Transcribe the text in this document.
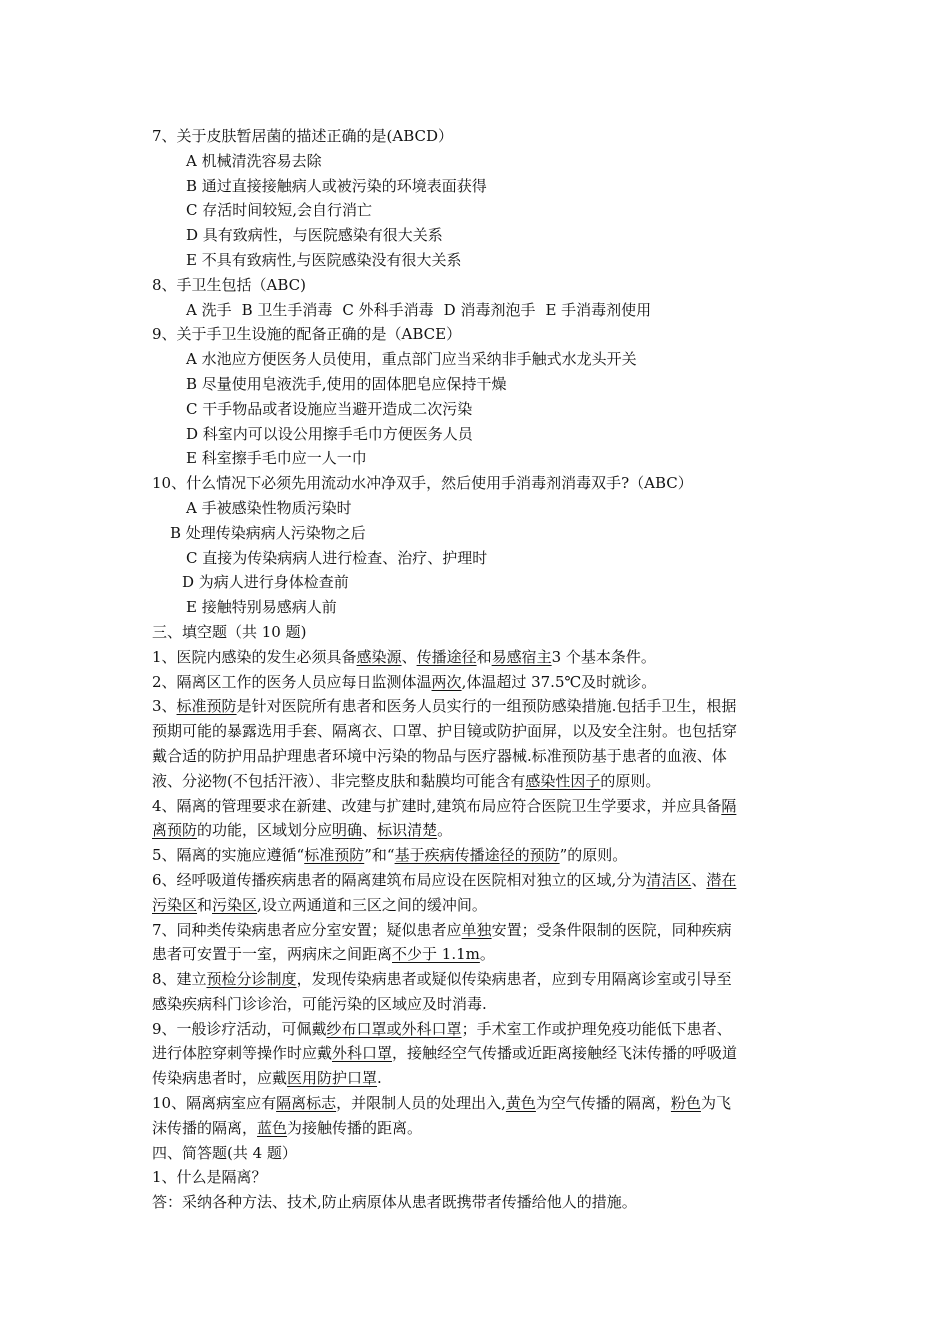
7、关于皮肤暂居菌的描述正确的是(ABCD）
A 机械清洗容易去除
B 通过直接接触病人或被污染的环境表面获得
C 存活时间较短,会自行消亡
D 具有致病性，与医院感染有很大关系
E 不具有致病性,与医院感染没有很大关系
8、手卫生包括（ABC)
A 洗手 B 卫生手消毒 C 外科手消毒 D 消毒剂泡手 E 手消毒剂使用
9、关于手卫生设施的配备正确的是（ABCE）
A 水池应方便医务人员使用，重点部门应当采纳非手触式水龙头开关
B 尽量使用皂液洗手,使用的固体肥皂应保持干燥
C 干手物品或者设施应当避开造成二次污染
D 科室内可以设公用擦手毛巾方便医务人员
E 科室擦手毛巾应一人一巾
10、什么情况下必须先用流动水冲净双手，然后使用手消毒剂消毒双手?（ABC）
A 手被感染性物质污染时
B 处理传染病病人污染物之后
C 直接为传染病病人进行检查、治疗、护理时
D 为病人进行身体检查前
E 接触特别易感病人前
三、填空题（共 10 题)
1、医院内感染的发生必须具备感染源、传播途径和易感宿主3 个基本条件。
2、隔离区工作的医务人员应每日监测体温两次,体温超过 37.5℃及时就诊。
3、标准预防是针对医院所有患者和医务人员实行的一组预防感染措施.包括手卫生，根据
预期可能的暴露选用手套、隔离衣、口罩、护目镜或防护面屏，以及安全注射。也包括穿
戴合适的防护用品护理患者环境中污染的物品与医疗器械.标准预防基于患者的血液、体
液、分泌物(不包括汗液）、非完整皮肤和黏膜均可能含有感染性因子的原则。
4、隔离的管理要求在新建、改建与扩建时,建筑布局应符合医院卫生学要求，并应具备隔
离预防的功能，区域划分应明确、标识清楚。
5、隔离的实施应遵循“标准预防”和“基于疾病传播途径的预防”的原则。
6、经呼吸道传播疾病患者的隔离建筑布局应设在医院相对独立的区域,分为清洁区、潜在
污染区和污染区,设立两通道和三区之间的缓冲间。
7、同种类传染病患者应分室安置；疑似患者应单独安置；受条件限制的医院，同种疾病
患者可安置于一室，两病床之间距离不少于 1.1m。
8、建立预检分诊制度，发现传染病患者或疑似传染病患者，应到专用隔离诊室或引导至
感染疾病科门诊诊治，可能污染的区域应及时消毒.
9、一般诊疗活动，可佩戴纱布口罩或外科口罩；手术室工作或护理免疫功能低下患者、
进行体腔穿刺等操作时应戴外科口罩，接触经空气传播或近距离接触经飞沫传播的呼吸道
传染病患者时，应戴医用防护口罩.
10、隔离病室应有隔离标志，并限制人员的处理出入,黄色为空气传播的隔离，粉色为飞
沫传播的隔离，蓝色为接触传播的距离。
四、简答题(共 4 题）
1、什么是隔离？
答：采纳各种方法、技术,防止病原体从患者既携带者传播给他人的措施。
